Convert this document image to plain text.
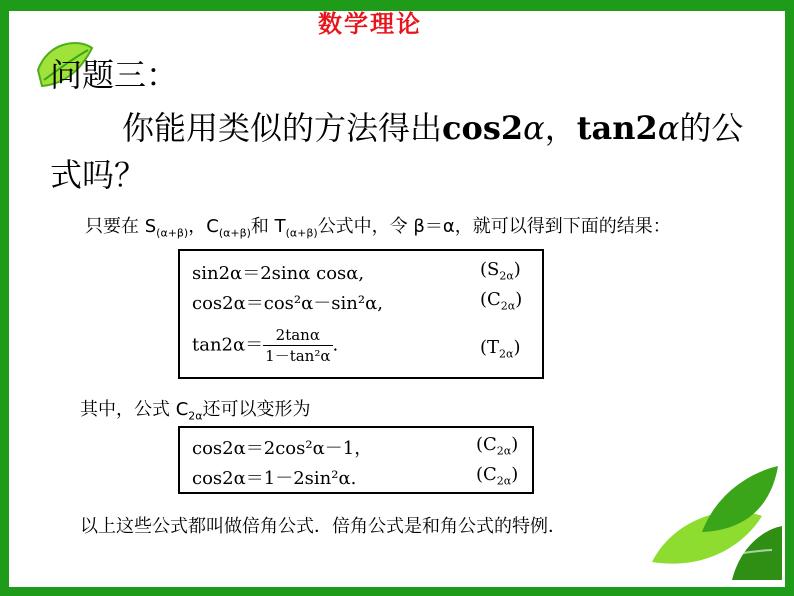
数学理论
问题三：
你能用类似的方法得出cos2α，tan2α的公
式吗？
只要在 $S_{(\alpha+\beta)}$，$C_{(\alpha+\beta)}$和 $T_{(\alpha+\beta)}$公式中，令 β＝α，就可以得到下面的结果：
sin2α＝2sinα cosα,	$(S_{2\alpha})$
cos2α＝cos²α－sin²α,	$(C_{2\alpha})$
$\tan 2\alpha= \frac{2\tan\alpha}{\text{1－tan²α}}$ .	$(T_{2\alpha})$
其中，公式 $C_{2\alpha}$还可以变形为
cos2α＝2cos²α－1，	$(C_{2\alpha})$
cos2α＝1－2sin²α.	$(C_{2\alpha})$
以上这些公式都叫做倍角公式．倍角公式是和角公式的特例．
